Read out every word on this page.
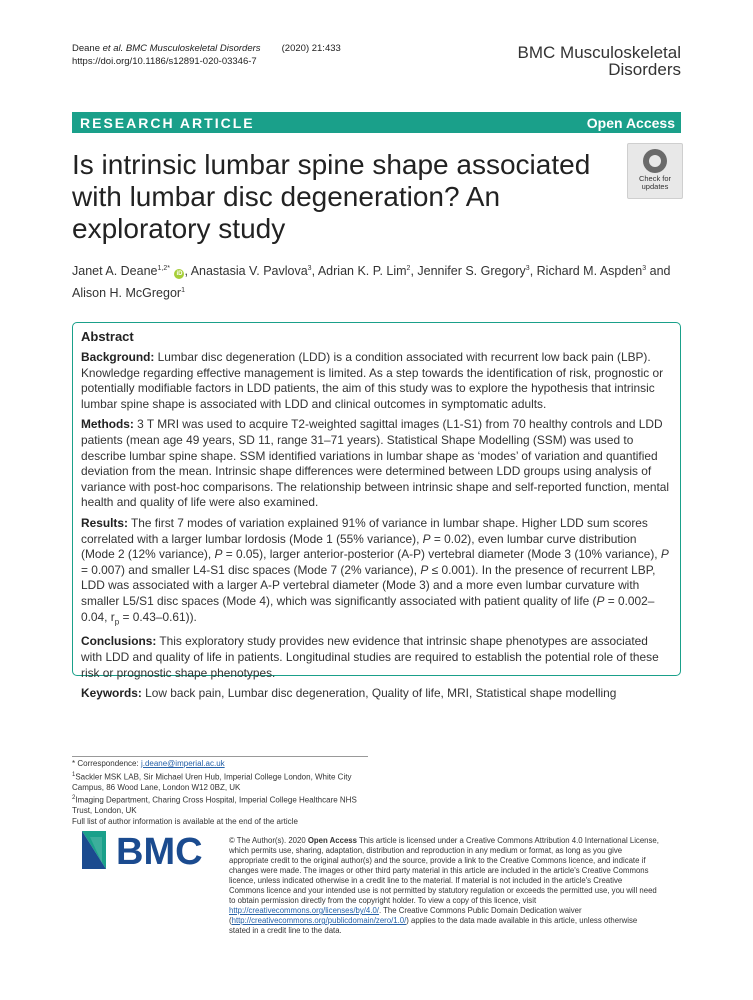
Deane et al. BMC Musculoskeletal Disorders (2020) 21:433
https://doi.org/10.1186/s12891-020-03346-7	BMC Musculoskeletal
Disorders
RESEARCH ARTICLE	Open Access
Is intrinsic lumbar spine shape associated with lumbar disc degeneration? An exploratory study
Check for
updates
Janet A. Deane$^{1,2*}$ iD , Anastasia V. Pavlova$^3$, Adrian K. P. Lim$^2$, Jennifer S. Gregory$^3$, Richard M. Aspden$^3$ and
Alison H. McGregor$^1$
Abstract

Background: Lumbar disc degeneration (LDD) is a condition associated with recurrent low back pain (LBP). Knowledge regarding effective management is limited. As a step towards the identification of risk, prognostic or potentially modifiable factors in LDD patients, the aim of this study was to explore the hypothesis that intrinsic lumbar spine shape is associated with LDD and clinical outcomes in symptomatic adults.

Methods: 3 T MRI was used to acquire T2-weighted sagittal images (L1-S1) from 70 healthy controls and LDD patients (mean age 49 years, SD 11, range 31–71 years). Statistical Shape Modelling (SSM) was used to describe lumbar spine shape. SSM identified variations in lumbar shape as ‘modes’ of variation and quantified deviation from the mean. Intrinsic shape differences were determined between LDD groups using analysis of variance with post-hoc comparisons. The relationship between intrinsic shape and self-reported function, mental health and quality of life were also examined.

Results: The first 7 modes of variation explained 91% of variance in lumbar shape. Higher LDD sum scores correlated with a larger lumbar lordosis (Mode 1 (55% variance), P = 0.02), even lumbar curve distribution (Mode 2 (12% variance), P = 0.05), larger anterior-posterior (A-P) vertebral diameter (Mode 3 (10% variance), P = 0.007) and smaller L4-S1 disc spaces (Mode 7 (2% variance), P ≤ 0.001). In the presence of recurrent LBP, LDD was associated with a larger A-P vertebral diameter (Mode 3) and a more even lumbar curvature with smaller L5/S1 disc spaces (Mode 4), which was significantly associated with patient quality of life (P = 0.002–0.04, $r_p = 0.43-0.61$)).

Conclusions: This exploratory study provides new evidence that intrinsic shape phenotypes are associated with LDD and quality of life in patients. Longitudinal studies are required to establish the potential role of these risk or prognostic shape phenotypes.

Keywords: Low back pain, Lumbar disc degeneration, Quality of life, MRI, Statistical shape modelling

* Correspondence: j.deane@imperial.ac.uk

$^1$Sackler MSK LAB, Sir Michael Uren Hub, Imperial College London, White City Campus, 86 Wood Lane, London W12 0BZ, UK

$^2$Imaging Department, Charing Cross Hospital, Imperial College Healthcare NHS Trust, London, UK

Full list of author information is available at the end of the article

BMC	© The Author(s). 2020 Open Access This article is licensed under a Creative Commons Attribution 4.0 International License, which permits use, sharing, adaptation, distribution and reproduction in any medium or format, as long as you give appropriate credit to the original author(s) and the source, provide a link to the Creative Commons licence, and indicate if changes were made. The images or other third party material in this article are included in the article's Creative Commons licence, unless indicated otherwise in a credit line to the material. If material is not included in the article's Creative Commons licence and your intended use is not permitted by statutory regulation or exceeds the permitted use, you will need to obtain permission directly from the copyright holder. To view a copy of this licence, visit http://creativecommons.org/licenses/by/4.0/. The Creative Commons Public Domain Dedication waiver (http://creativecommons.org/publicdomain/zero/1.0/) applies to the data made available in this article, unless otherwise stated in a credit line to the data.
